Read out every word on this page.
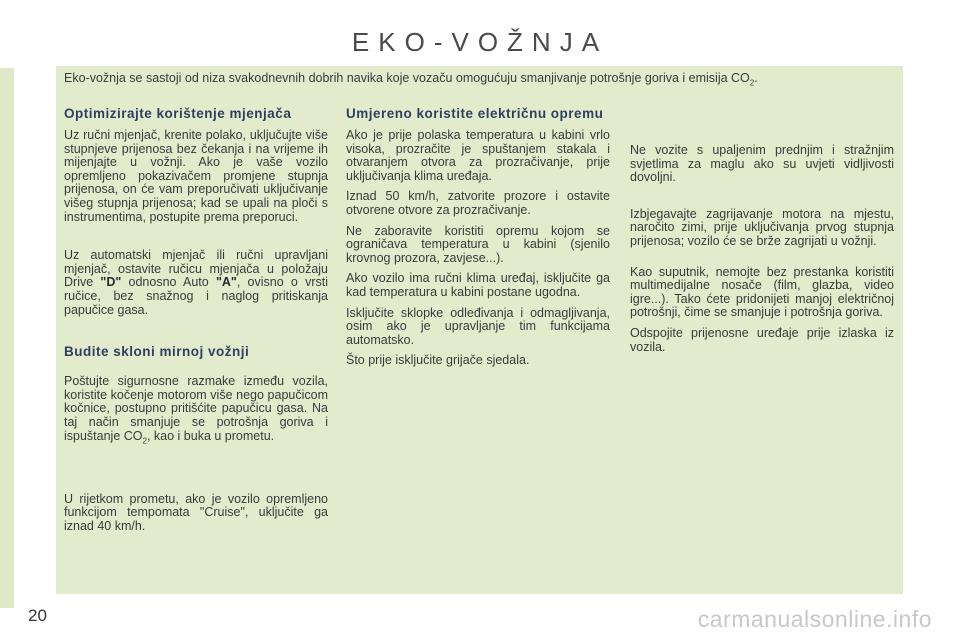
EKO-VOŽNJA
Eko-vožnja se sastoji od niza svakodnevnih dobrih navika koje vozaču omogućuju smanjivanje potrošnje goriva i emisija $CO_2$.
Optimizirajte korištenje mjenjača

Uz ručni mjenjač, krenite polako, uključujte više stupnjeve prijenosa bez čekanja i na vrijeme ih mijenjajte u vožnji. Ako je vaše vozilo opremljeno pokazivačem promjene stupnja prijenosa, on će vam preporučivati uključivanje višeg stupnja prijenosa; kad se upali na ploči s instrumentima, postupite prema preporuci.

Uz automatski mjenjač ili ručni upravljani mjenjač, ostavite ručicu mjenjača u položaju Drive "D" odnosno Auto "A", ovisno o vrsti ručice, bez snažnog i naglog pritiskanja papučice gasa.

Budite skloni mirnoj vožnji

Poštujte sigurnosne razmake između vozila, koristite kočenje motorom više nego papučicom kočnice, postupno pritišćite papučicu gasa. Na taj način smanjuje se potrošnja goriva i ispuštanje $CO_2$, kao i buka u prometu.

U rijetkom prometu, ako je vozilo opremljeno funkcijom tempomata "Cruise", uključite ga iznad 40 km/h.

Umjereno koristite električnu opremu

Ako je prije polaska temperatura u kabini vrlo visoka, prozračite je spuštanjem stakala i otvaranjem otvora za prozračivanje, prije uključivanja klima uređaja.

Iznad 50 km/h, zatvorite prozore i ostavite otvorene otvore za prozračivanje.

Ne zaboravite koristiti opremu kojom se ograničava temperatura u kabini (sjenilo krovnog prozora, zavjese...).

Ako vozilo ima ručni klima uređaj, isključite ga kad temperatura u kabini postane ugodna.

Isključite sklopke odleđivanja i odmagljivanja, osim ako je upravljanje tim funkcijama automatsko.

Što prije isključite grijače sjedala.

Ne vozite s upaljenim prednjim i stražnjim svjetlima za maglu ako su uvjeti vidljivosti dovoljni.

Izbjegavajte zagrijavanje motora na mjestu, naročito zimi, prije uključivanja prvog stupnja prijenosa; vozilo će se brže zagrijati u vožnji.

Kao suputnik, nemojte bez prestanka koristiti multimedijalne nosače (film, glazba, video igre...). Tako ćete pridonijeti manjoj električnoj potrošnji, čime se smanjuje i potrošnja goriva.

Odspojite prijenosne uređaje prije izlaska iz vozila.

20	carmanualsonline.info
